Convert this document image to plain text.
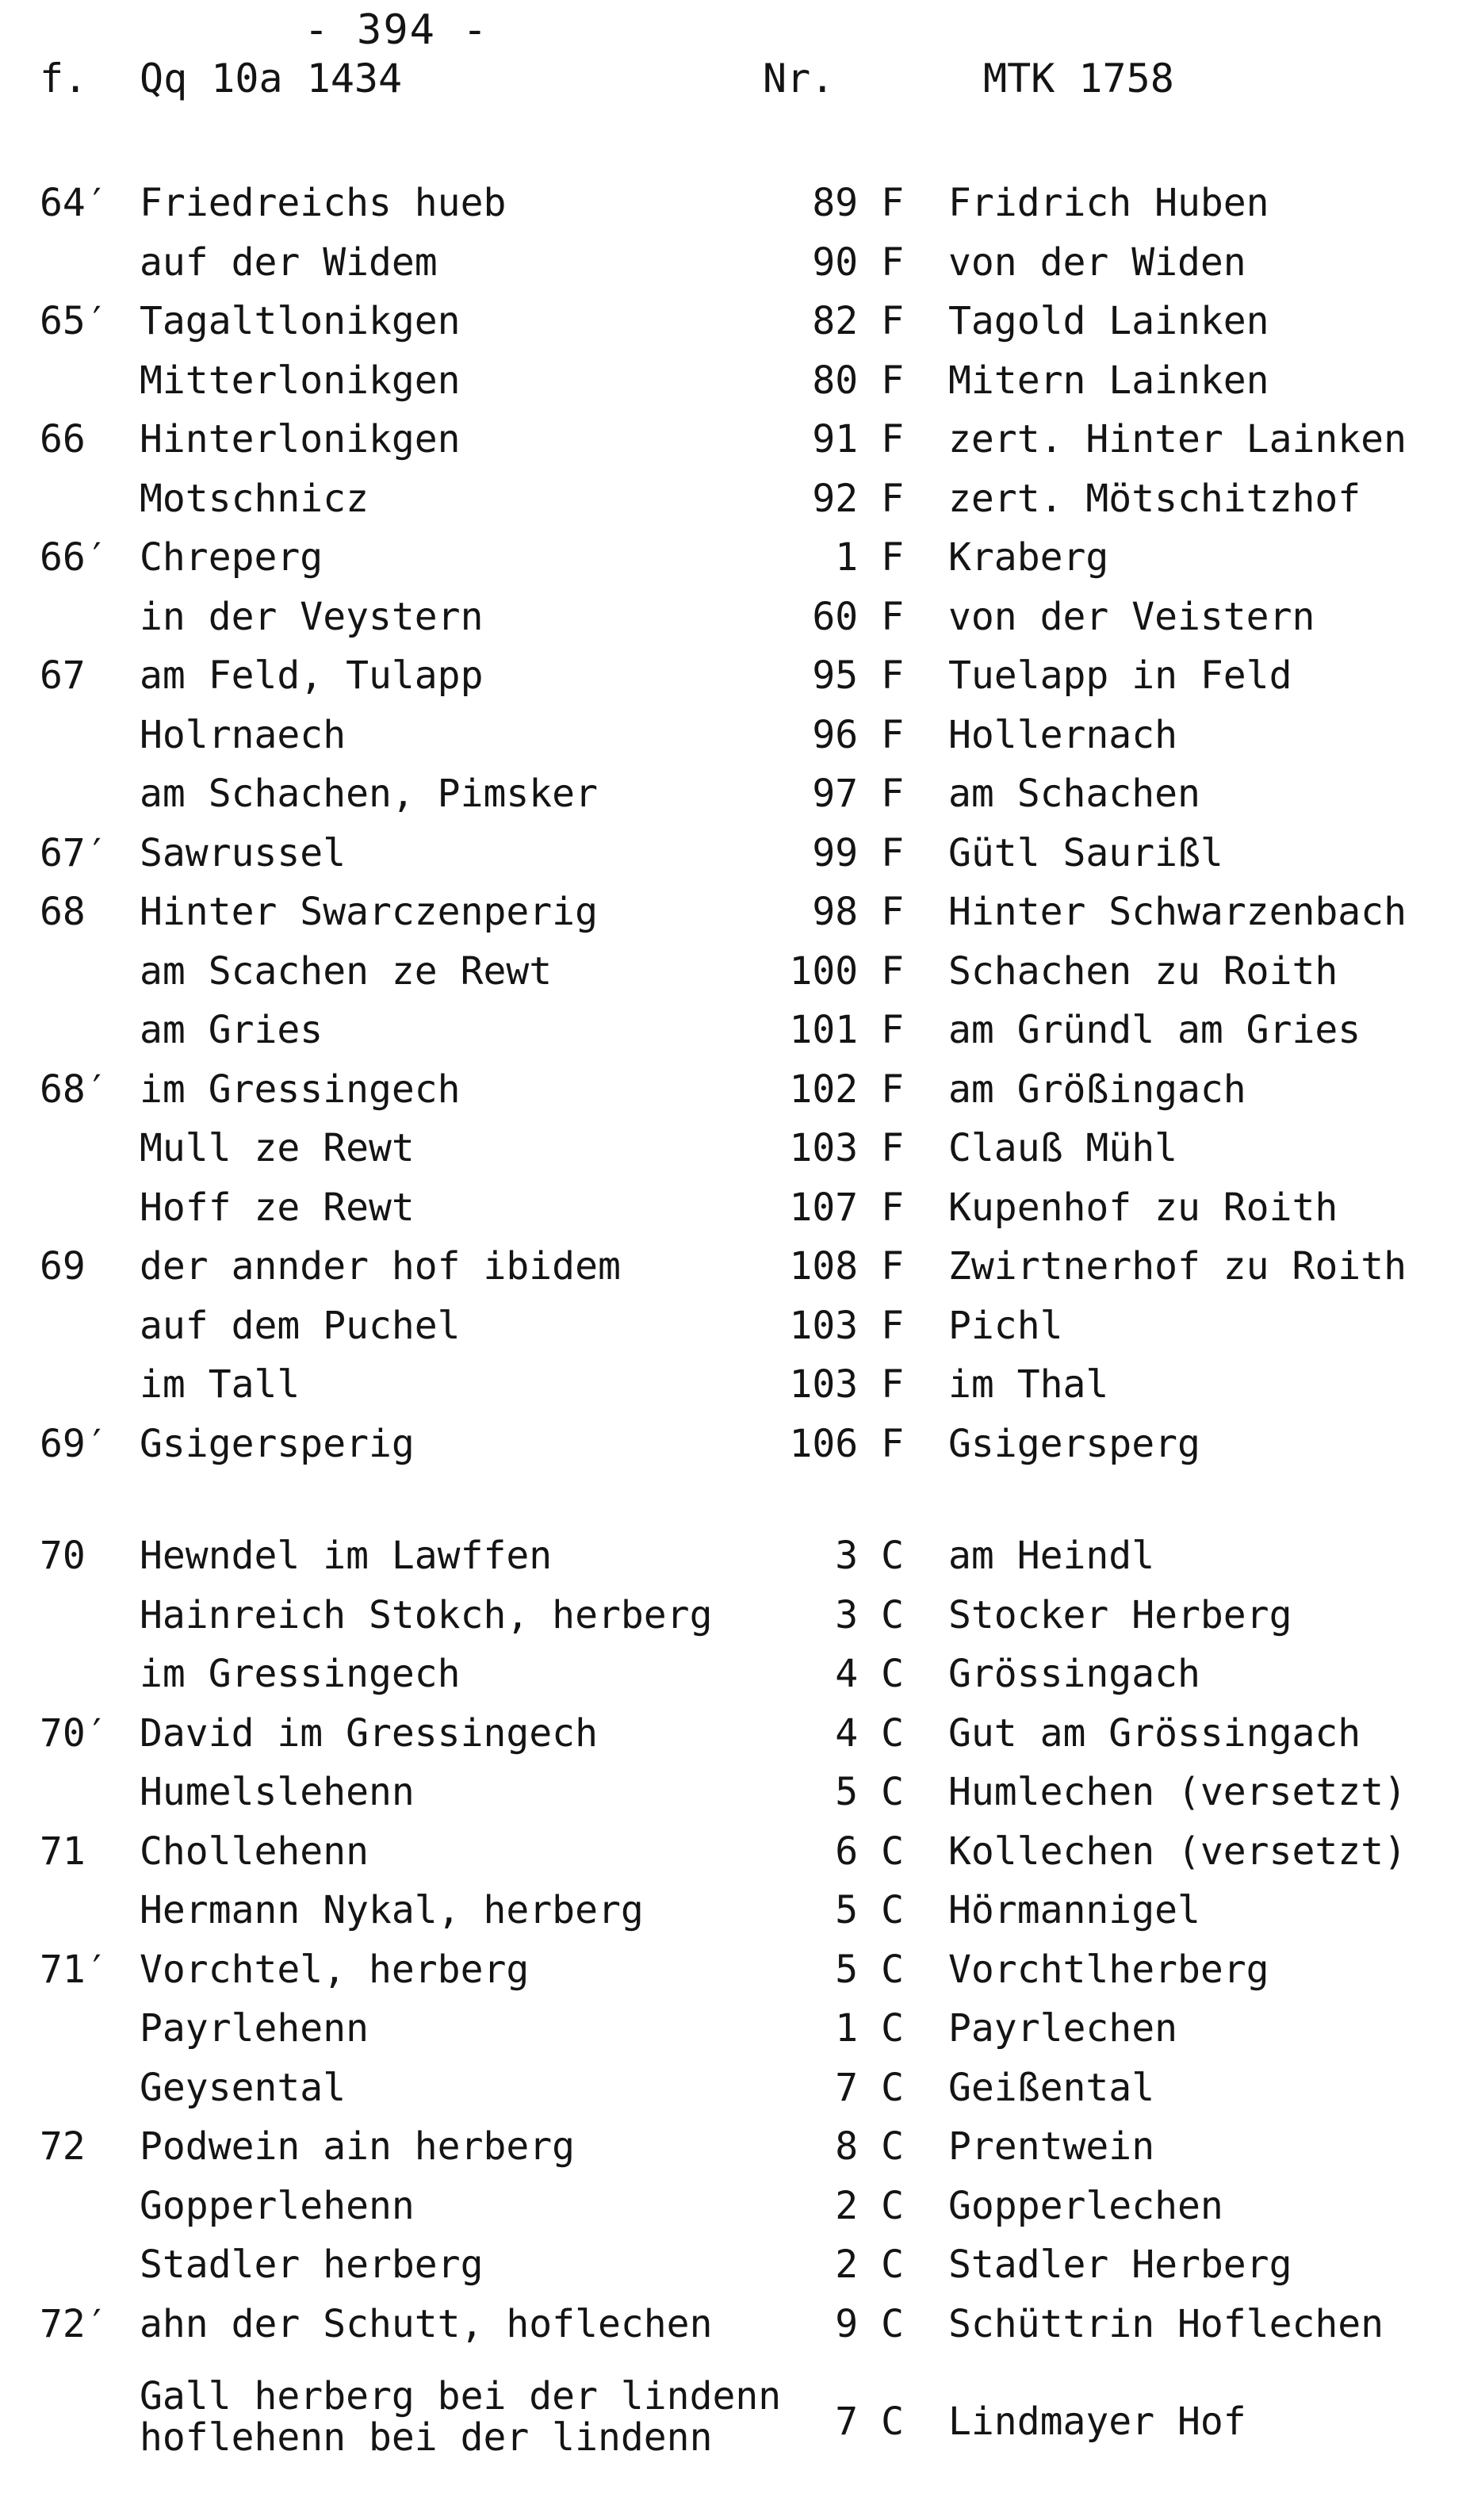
- 394 -
f. Qq 10a 1434	Nr.	MTK 1758
64′ Friedreichs hueb	89 F Fridrich Huben
auf der Widem	90 F von der Widen
65′ Tagaltlonikgen	82 F Tagold Lainken
Mitterlonikgen	80 F Mitern Lainken
66 Hinterlonikgen	91 F zert. Hinter Lainken
Motschnicz	92 F zert. Mötschitzhof
66′ Chreperg	1 F Kraberg
in der Veystern	60 F von der Veistern
67 am Feld, Tulapp	95 F Tuelapp in Feld
Holrnaech	96 F Hollernach
am Schachen, Pimsker	97 F am Schachen
67′ Sawrussel	99 F Gütl Saurißl
68 Hinter Swarczenperig	98 F Hinter Schwarzenbach
am Scachen ze Rewt	100 F Schachen zu Roith
am Gries	101 F am Gründl am Gries
68′ im Gressingech	102 F am Größingach
Mull ze Rewt	103 F Clauß Mühl
Hoff ze Rewt	107 F Kupenhof zu Roith
69 der annder hof ibidem	108 F Zwirtnerhof zu Roith
auf dem Puchel	103 F Pichl
im Tall	103 F im Thal
69′ Gsigersperig	106 F Gsigersperg
70 Hewndel im Lawffen	3 C am Heindl
Hainreich Stokch, herberg	3 C Stocker Herberg
im Gressingech	4 C Grössingach
70′ David im Gressingech	4 C Gut am Grössingach
Humelslehenn	5 C Humlechen (versetzt)
71 Chollehenn	6 C Kollechen (versetzt)
Hermann Nykal, herberg	5 C Hörmannigel
71′ Vorchtel, herberg	5 C Vorchtlherberg
Payrlehenn	1 C Payrlechen
Geysental	7 C Geißental
72 Podwein ain herberg	8 C Prentwein
Gopperlehenn	2 C Gopperlechen
Stadler herberg	2 C Stadler Herberg
72′ ahn der Schutt, hoflechen	9 C Schüttrin Hoflechen
Gall herberg bei der lindenn
hoflehenn bei der lindenn	7 C Lindmayer Hof
